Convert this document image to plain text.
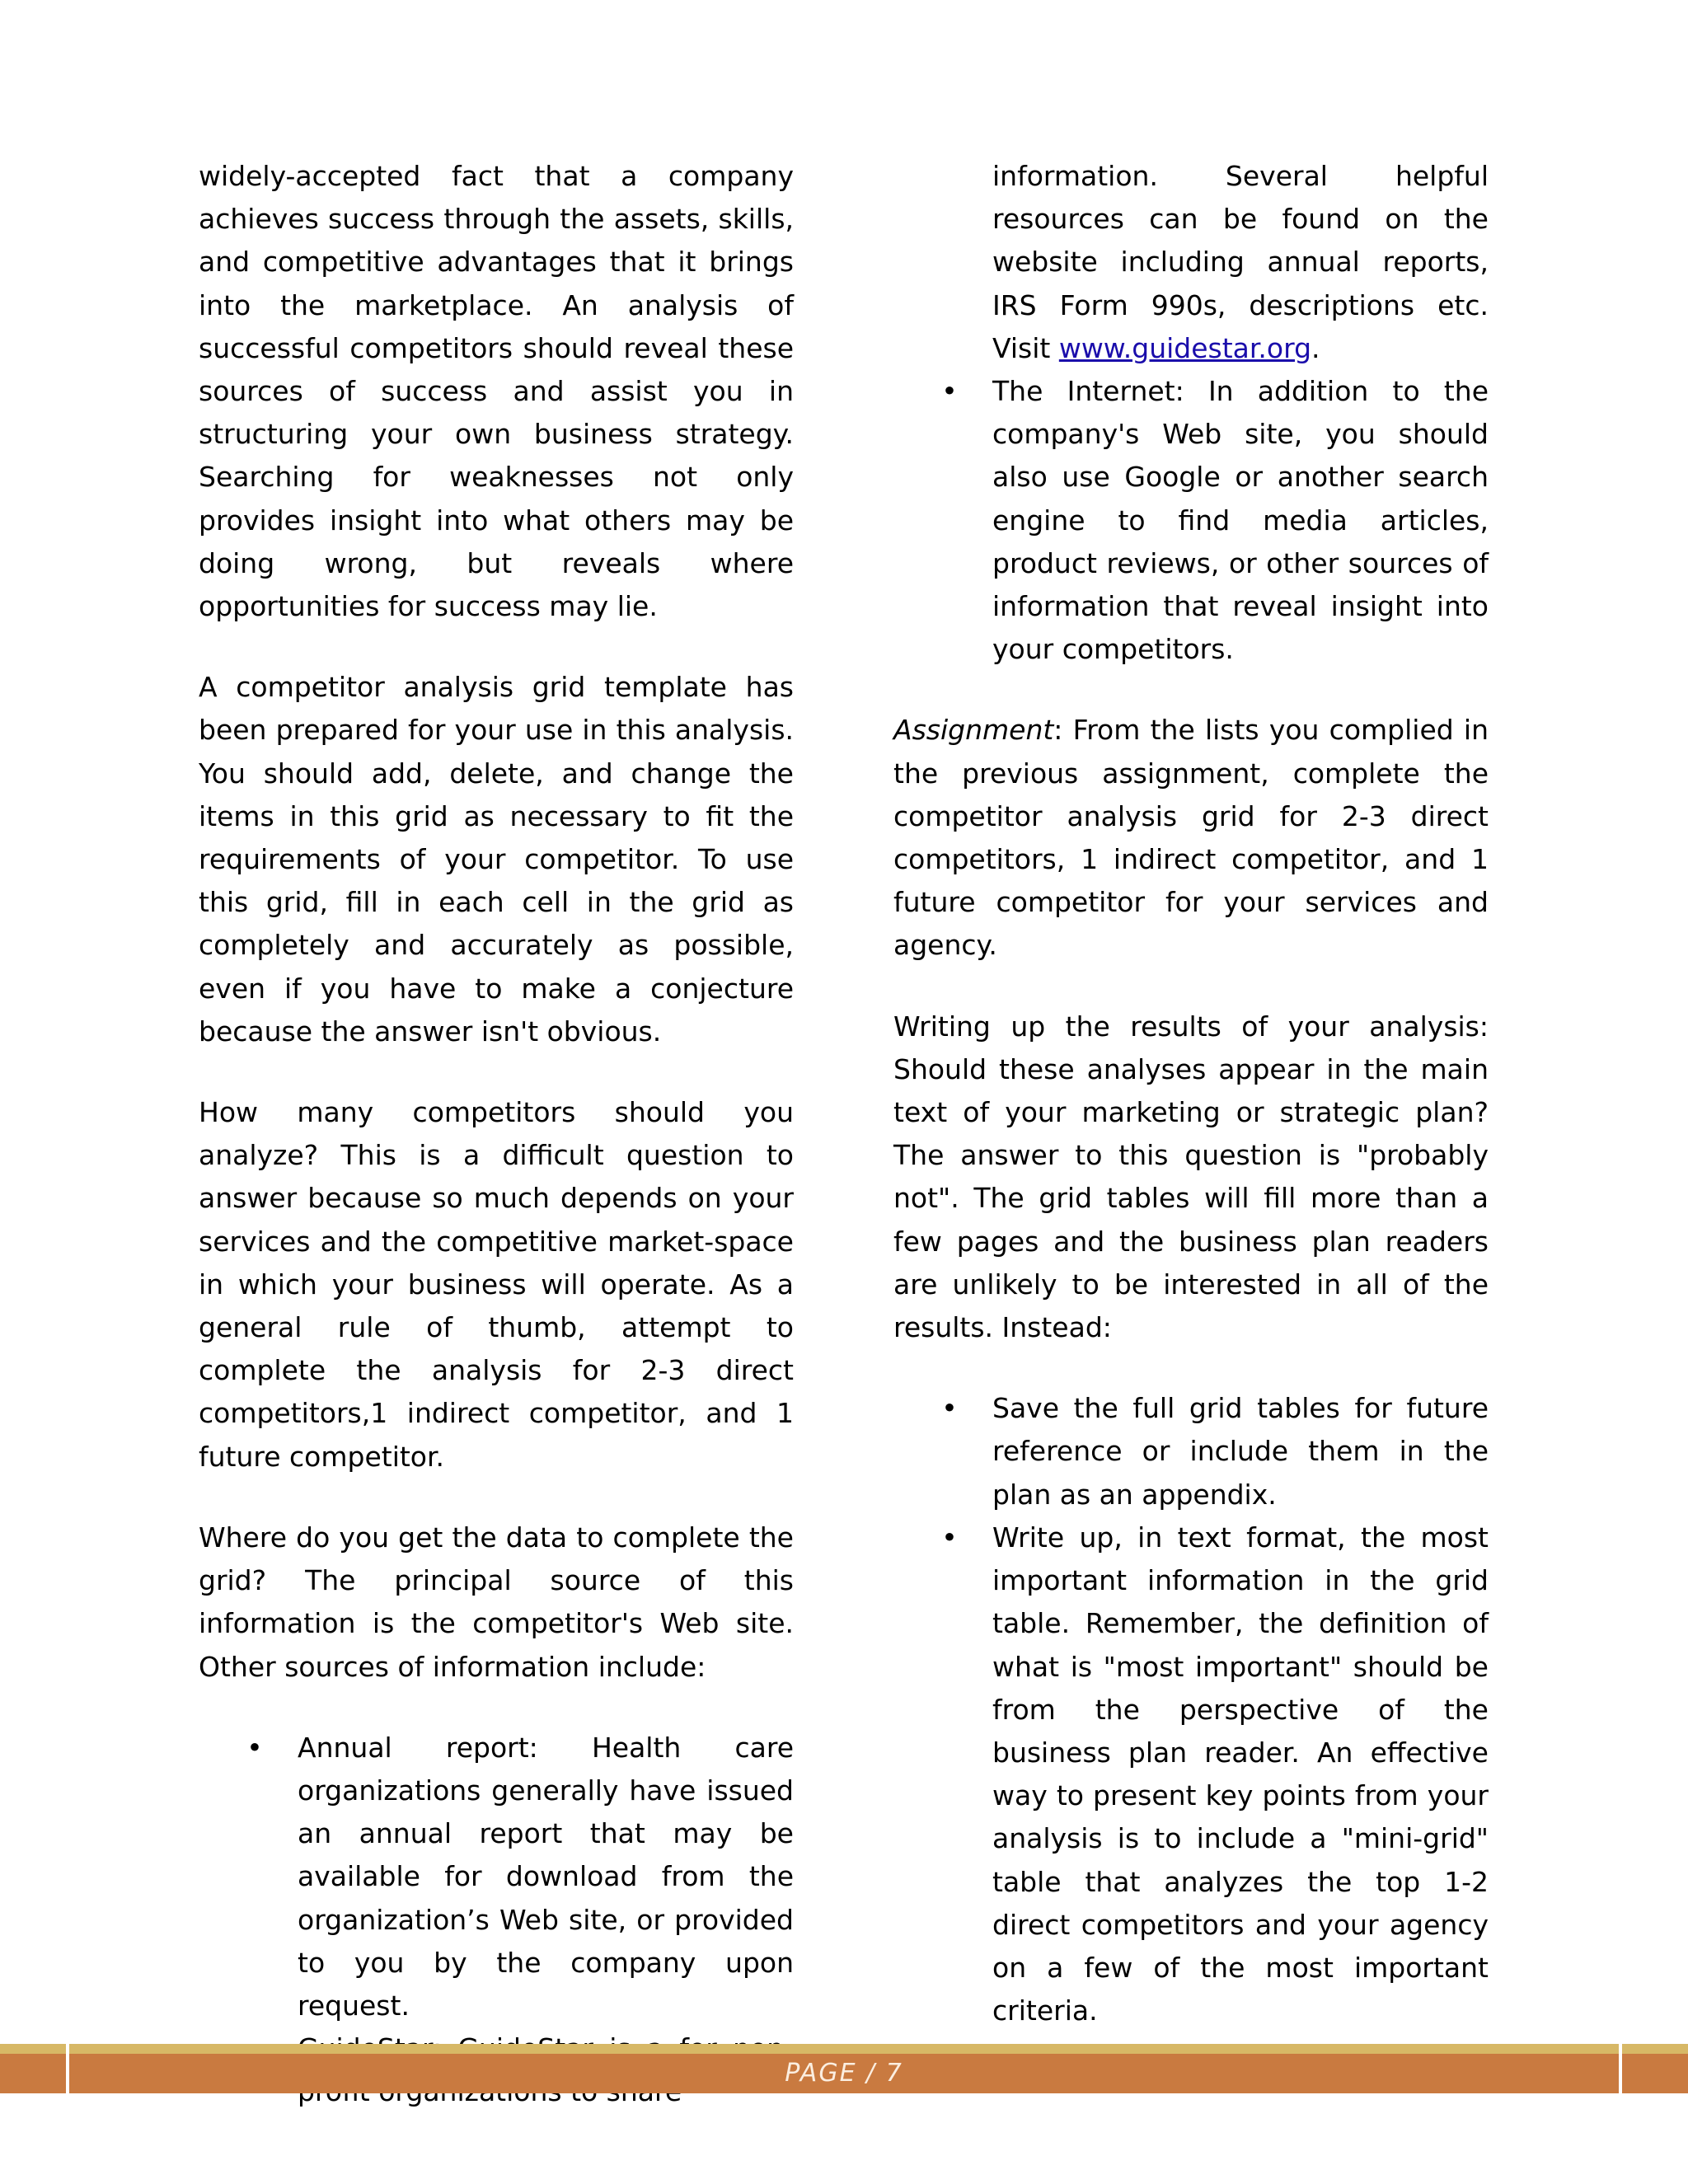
widely-accepted fact that a company achieves success through the assets, skills, and competitive advantages that it brings into the marketplace. An analysis of successful competitors should reveal these sources of success and assist you in structuring your own business strategy. Searching for weaknesses not only provides insight into what others may be doing wrong, but reveals where opportunities for success may lie.

A competitor analysis grid template has been prepared for your use in this analysis. You should add, delete, and change the items in this grid as necessary to fit the requirements of your competitor. To use this grid, fill in each cell in the grid as completely and accurately as possible, even if you have to make a conjecture because the answer isn't obvious.

How many competitors should you analyze? This is a difficult question to answer because so much depends on your services and the competitive market-space in which your business will operate. As a general rule of thumb, attempt to complete the analysis for 2-3 direct competitors,1 indirect competitor, and 1 future competitor.

Where do you get the data to complete the grid? The principal source of this information is the competitor's Web site. Other sources of information include:

• Annual report: Health care organizations generally have issued an annual report that may be available for download from the organization’s Web site, or provided to you by the company upon request.
information. Several helpful resources can be found on the website including annual reports, IRS Form 990s, descriptions etc. Visit www.guidestar.org.
• The Internet: In addition to the company's Web site, you should also use Google or another search engine to find media articles, product reviews, or other sources of information that reveal insight into your competitors.

Assignment: From the lists you complied in the previous assignment, complete the competitor analysis grid for 2-3 direct competitors, 1 indirect competitor, and 1 future competitor for your services and agency.

Writing up the results of your analysis: Should these analyses appear in the main text of your marketing or strategic plan? The answer to this question is "probably not". The grid tables will fill more than a few pages and the business plan readers are unlikely to be interested in all of the results. Instead:

• Save the full grid tables for future reference or include them in the plan as an appendix.
• Write up, in text format, the most important information in the grid table. Remember, the definition of what is "most important" should be from the perspective of the business plan reader. An effective way to present key points from your analysis is to include a "mini-grid" table that analyzes the top 1-2 direct competitors and your agency on a few of the most important criteria.
PAGE / 7
